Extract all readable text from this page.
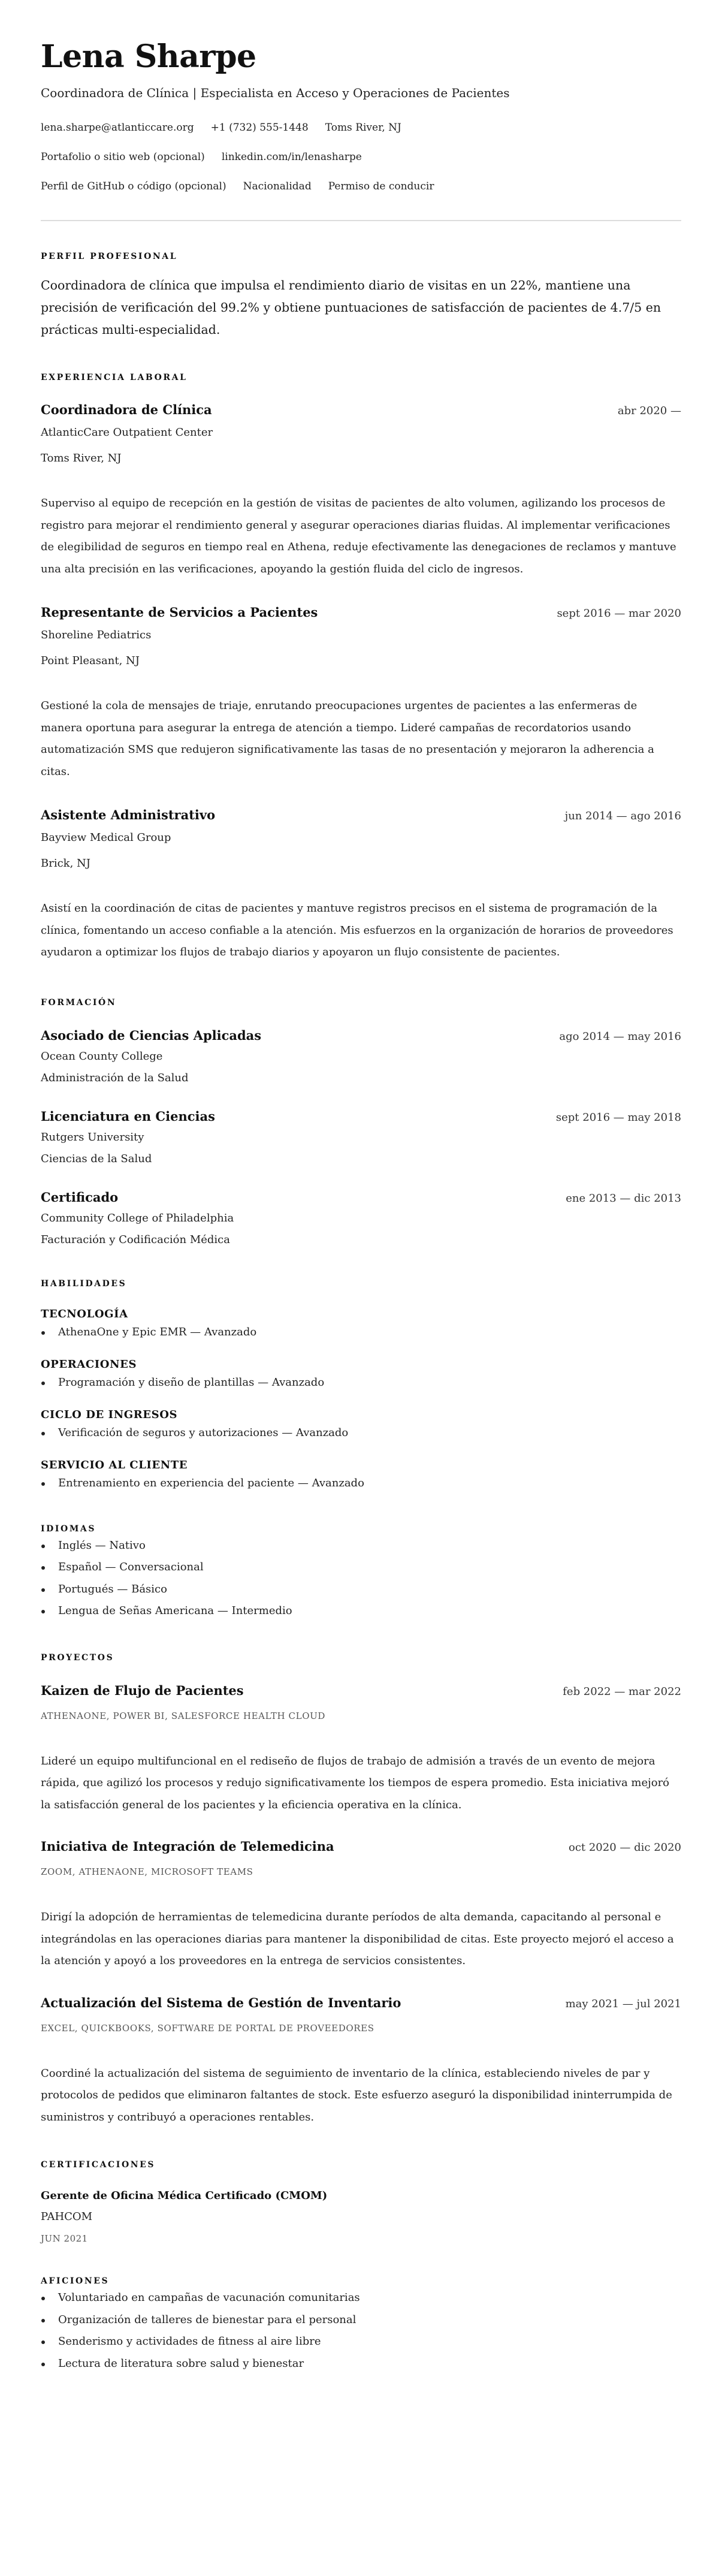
Lena Sharpe
Coordinadora de Clínica | Especialista en Acceso y Operaciones de Pacientes
lena.sharpe@atlanticcare.org +1 (732) 555-1448 Toms River, NJ
Portafolio o sitio web (opcional) linkedin.com/in/lenasharpe
Perfil de GitHub o código (opcional) Nacionalidad Permiso de conducir
PERFIL PROFESIONAL

Coordinadora de clínica que impulsa el rendimiento diario de visitas en un 22%, mantiene una precisión de verificación del 99.2% y obtiene puntuaciones de satisfacción de pacientes de 4.7/5 en prácticas multi-especialidad.

EXPERIENCIA LABORAL
Coordinadora de Clínica	abr 2020 —
AtlanticCare Outpatient Center
Toms River, NJ

Superviso al equipo de recepción en la gestión de visitas de pacientes de alto volumen, agilizando los procesos de registro para mejorar el rendimiento general y asegurar operaciones diarias fluidas. Al implementar verificaciones de elegibilidad de seguros en tiempo real en Athena, reduje efectivamente las denegaciones de reclamos y mantuve una alta precisión en las verificaciones, apoyando la gestión fluida del ciclo de ingresos.

Representante de Servicios a Pacientes	sept 2016 — mar 2020
Shoreline Pediatrics
Point Pleasant, NJ

Gestioné la cola de mensajes de triaje, enrutando preocupaciones urgentes de pacientes a las enfermeras de manera oportuna para asegurar la entrega de atención a tiempo. Lideré campañas de recordatorios usando automatización SMS que redujeron significativamente las tasas de no presentación y mejoraron la adherencia a citas.

Asistente Administrativo	jun 2014 — ago 2016
Bayview Medical Group
Brick, NJ

Asistí en la coordinación de citas de pacientes y mantuve registros precisos en el sistema de programación de la clínica, fomentando un acceso confiable a la atención. Mis esfuerzos en la organización de horarios de proveedores ayudaron a optimizar los flujos de trabajo diarios y apoyaron un flujo consistente de pacientes.

FORMACIÓN
Asociado de Ciencias Aplicadas	ago 2014 — may 2016
Ocean County College
Administración de la Salud
Licenciatura en Ciencias	sept 2016 — may 2018
Rutgers University
Ciencias de la Salud
Certificado	ene 2013 — dic 2013
Community College of Philadelphia
Facturación y Codificación Médica
HABILIDADES
TECNOLOGÍA
AthenaOne y Epic EMR — Avanzado
OPERACIONES
Programación y diseño de plantillas — Avanzado
CICLO DE INGRESOS
Verificación de seguros y autorizaciones — Avanzado
SERVICIO AL CLIENTE
Entrenamiento en experiencia del paciente — Avanzado
IDIOMAS
Inglés — Nativo
Español — Conversacional
Portugués — Básico
Lengua de Señas Americana — Intermedio
PROYECTOS
Kaizen de Flujo de Pacientes	feb 2022 — mar 2022
ATHENAONE, POWER BI, SALESFORCE HEALTH CLOUD

Lideré un equipo multifuncional en el rediseño de flujos de trabajo de admisión a través de un evento de mejora rápida, que agilizó los procesos y redujo significativamente los tiempos de espera promedio. Esta iniciativa mejoró la satisfacción general de los pacientes y la eficiencia operativa en la clínica.

Iniciativa de Integración de Telemedicina	oct 2020 — dic 2020
ZOOM, ATHENAONE, MICROSOFT TEAMS

Dirigí la adopción de herramientas de telemedicina durante períodos de alta demanda, capacitando al personal e integrándolas en las operaciones diarias para mantener la disponibilidad de citas. Este proyecto mejoró el acceso a la atención y apoyó a los proveedores en la entrega de servicios consistentes.

Actualización del Sistema de Gestión de Inventario	may 2021 — jul 2021
EXCEL, QUICKBOOKS, SOFTWARE DE PORTAL DE PROVEEDORES

Coordiné la actualización del sistema de seguimiento de inventario de la clínica, estableciendo niveles de par y protocolos de pedidos que eliminaron faltantes de stock. Este esfuerzo aseguró la disponibilidad ininterrumpida de suministros y contribuyó a operaciones rentables.

CERTIFICACIONES
Gerente de Oficina Médica Certificado (CMOM)
PAHCOM
JUN 2021
AFICIONES
Voluntariado en campañas de vacunación comunitarias
Organización de talleres de bienestar para el personal
Senderismo y actividades de fitness al aire libre
Lectura de literatura sobre salud y bienestar
